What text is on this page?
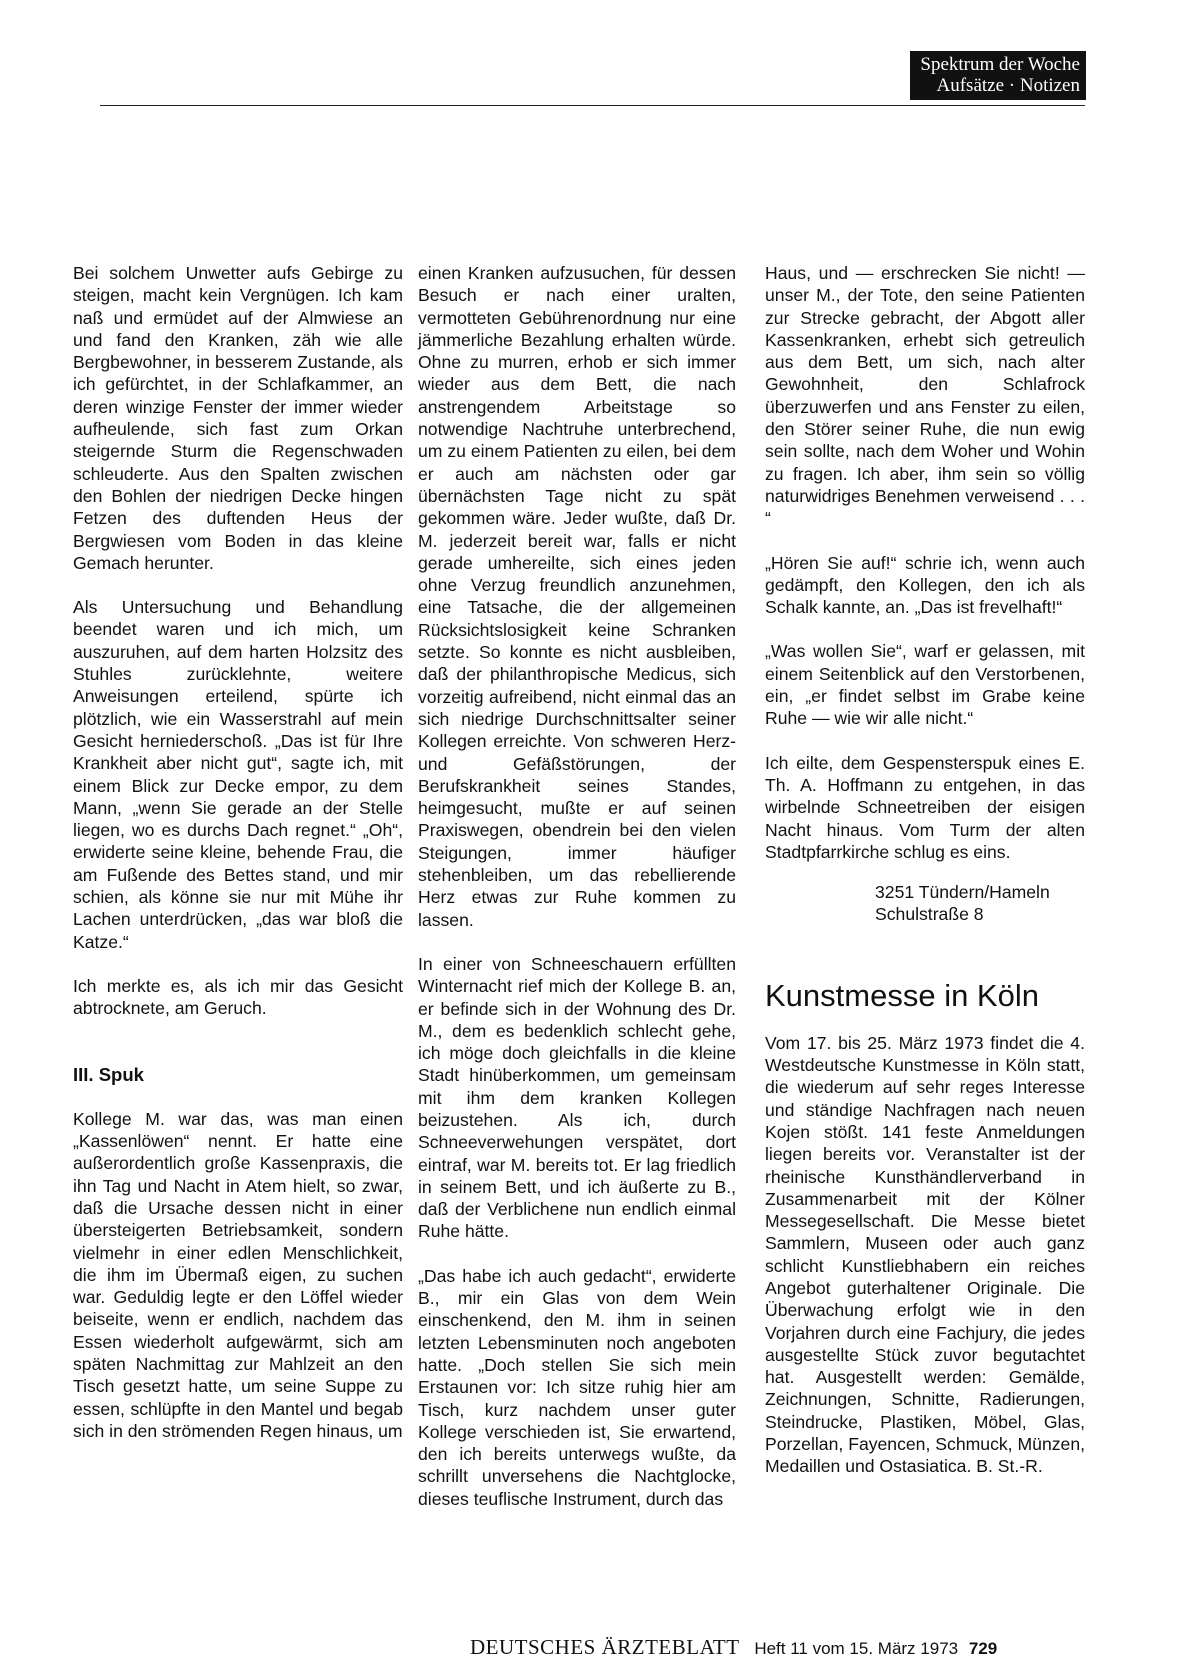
Spektrum der Woche
Aufsätze · Notizen

Bei solchem Unwetter aufs Gebirge zu steigen, macht kein Vergnügen. Ich kam naß und ermüdet auf der Almwiese an und fand den Kranken, zäh wie alle Bergbewohner, in besserem Zustande, als ich gefürchtet, in der Schlafkammer, an deren winzige Fenster der immer wieder aufheulende, sich fast zum Orkan steigernde Sturm die Regenschwaden schleuderte. Aus den Spalten zwischen den Bohlen der niedrigen Decke hingen Fetzen des duftenden Heus der Bergwiesen vom Boden in das kleine Gemach herunter.

Als Untersuchung und Behandlung beendet waren und ich mich, um auszuruhen, auf dem harten Holzsitz des Stuhles zurücklehnte, weitere Anweisungen erteilend, spürte ich plötzlich, wie ein Wasserstrahl auf mein Gesicht herniederschoß. „Das ist für Ihre Krankheit aber nicht gut“, sagte ich, mit einem Blick zur Decke empor, zu dem Mann, „wenn Sie gerade an der Stelle liegen, wo es durchs Dach regnet.“ „Oh“, erwiderte seine kleine, behende Frau, die am Fußende des Bettes stand, und mir schien, als könne sie nur mit Mühe ihr Lachen unterdrücken, „das war bloß die Katze.“

Ich merkte es, als ich mir das Gesicht abtrocknete, am Geruch.

III. Spuk

Kollege M. war das, was man einen „Kassenlöwen“ nennt. Er hatte eine außerordentlich große Kassenpraxis, die ihn Tag und Nacht in Atem hielt, so zwar, daß die Ursache dessen nicht in einer übersteigerten Betriebsamkeit, sondern vielmehr in einer edlen Menschlichkeit, die ihm im Übermaß eigen, zu suchen war. Geduldig legte er den Löffel wieder beiseite, wenn er endlich, nachdem das Essen wiederholt aufgewärmt, sich am späten Nachmittag zur Mahlzeit an den Tisch gesetzt hatte, um seine Suppe zu essen, schlüpfte in den Mantel und begab sich in den strömenden Regen hinaus, um

einen Kranken aufzusuchen, für dessen Besuch er nach einer uralten, vermotteten Gebührenordnung nur eine jämmerliche Bezahlung erhalten würde. Ohne zu murren, erhob er sich immer wieder aus dem Bett, die nach anstrengendem Arbeitstage so notwendige Nachtruhe unterbrechend, um zu einem Patienten zu eilen, bei dem er auch am nächsten oder gar übernächsten Tage nicht zu spät gekommen wäre. Jeder wußte, daß Dr. M. jederzeit bereit war, falls er nicht gerade umhereilte, sich eines jeden ohne Verzug freundlich anzunehmen, eine Tatsache, die der allgemeinen Rücksichtslosigkeit keine Schranken setzte. So konnte es nicht ausbleiben, daß der philanthropische Medicus, sich vorzeitig aufreibend, nicht einmal das an sich niedrige Durchschnittsalter seiner Kollegen erreichte. Von schweren Herz- und Gefäßstörungen, der Berufskrankheit seines Standes, heimgesucht, mußte er auf seinen Praxiswegen, obendrein bei den vielen Steigungen, immer häufiger stehenbleiben, um das rebellierende Herz etwas zur Ruhe kommen zu lassen.

In einer von Schneeschauern erfüllten Winternacht rief mich der Kollege B. an, er befinde sich in der Wohnung des Dr. M., dem es bedenklich schlecht gehe, ich möge doch gleichfalls in die kleine Stadt hinüberkommen, um gemeinsam mit ihm dem kranken Kollegen beizustehen. Als ich, durch Schneeverwehungen verspätet, dort eintraf, war M. bereits tot. Er lag friedlich in seinem Bett, und ich äußerte zu B., daß der Verblichene nun endlich einmal Ruhe hätte.

„Das habe ich auch gedacht“, erwiderte B., mir ein Glas von dem Wein einschenkend, den M. ihm in seinen letzten Lebensminuten noch angeboten hatte. „Doch stellen Sie sich mein Erstaunen vor: Ich sitze ruhig hier am Tisch, kurz nachdem unser guter Kollege verschieden ist, Sie erwartend, den ich bereits unterwegs wußte, da schrillt unversehens die Nachtglocke, dieses teuflische Instrument, durch das

Haus, und — erschrecken Sie nicht! — unser M., der Tote, den seine Patienten zur Strecke gebracht, der Abgott aller Kassenkranken, erhebt sich getreulich aus dem Bett, um sich, nach alter Gewohnheit, den Schlafrock überzuwerfen und ans Fenster zu eilen, den Störer seiner Ruhe, die nun ewig sein sollte, nach dem Woher und Wohin zu fragen. Ich aber, ihm sein so völlig naturwidriges Benehmen verweisend . . . “

„Hören Sie auf!“ schrie ich, wenn auch gedämpft, den Kollegen, den ich als Schalk kannte, an. „Das ist frevelhaft!“

„Was wollen Sie“, warf er gelassen, mit einem Seitenblick auf den Verstorbenen, ein, „er findet selbst im Grabe keine Ruhe — wie wir alle nicht.“

Ich eilte, dem Gespensterspuk eines E. Th. A. Hoffmann zu entgehen, in das wirbelnde Schneetreiben der eisigen Nacht hinaus. Vom Turm der alten Stadtpfarrkirche schlug es eins.

3251 Tündern/Hameln
Schulstraße 8
Kunstmesse in Köln

Vom 17. bis 25. März 1973 findet die 4. Westdeutsche Kunstmesse in Köln statt, die wiederum auf sehr reges Interesse und ständige Nachfragen nach neuen Kojen stößt. 141 feste Anmeldungen liegen bereits vor. Veranstalter ist der rheinische Kunsthändlerverband in Zusammenarbeit mit der Kölner Messegesellschaft. Die Messe bietet Sammlern, Museen oder auch ganz schlicht Kunstliebhabern ein reiches Angebot guterhaltener Originale. Die Überwachung erfolgt wie in den Vorjahren durch eine Fachjury, die jedes ausgestellte Stück zuvor begutachtet hat. Ausgestellt werden: Gemälde, Zeichnungen, Schnitte, Radierungen, Steindrucke, Plastiken, Möbel, Glas, Porzellan, Fayencen, Schmuck, Münzen, Medaillen und Ostasiatica. B. St.-R.

DEUTSCHES ÄRZTEBLATT Heft 11 vom 15. März 1973 729
